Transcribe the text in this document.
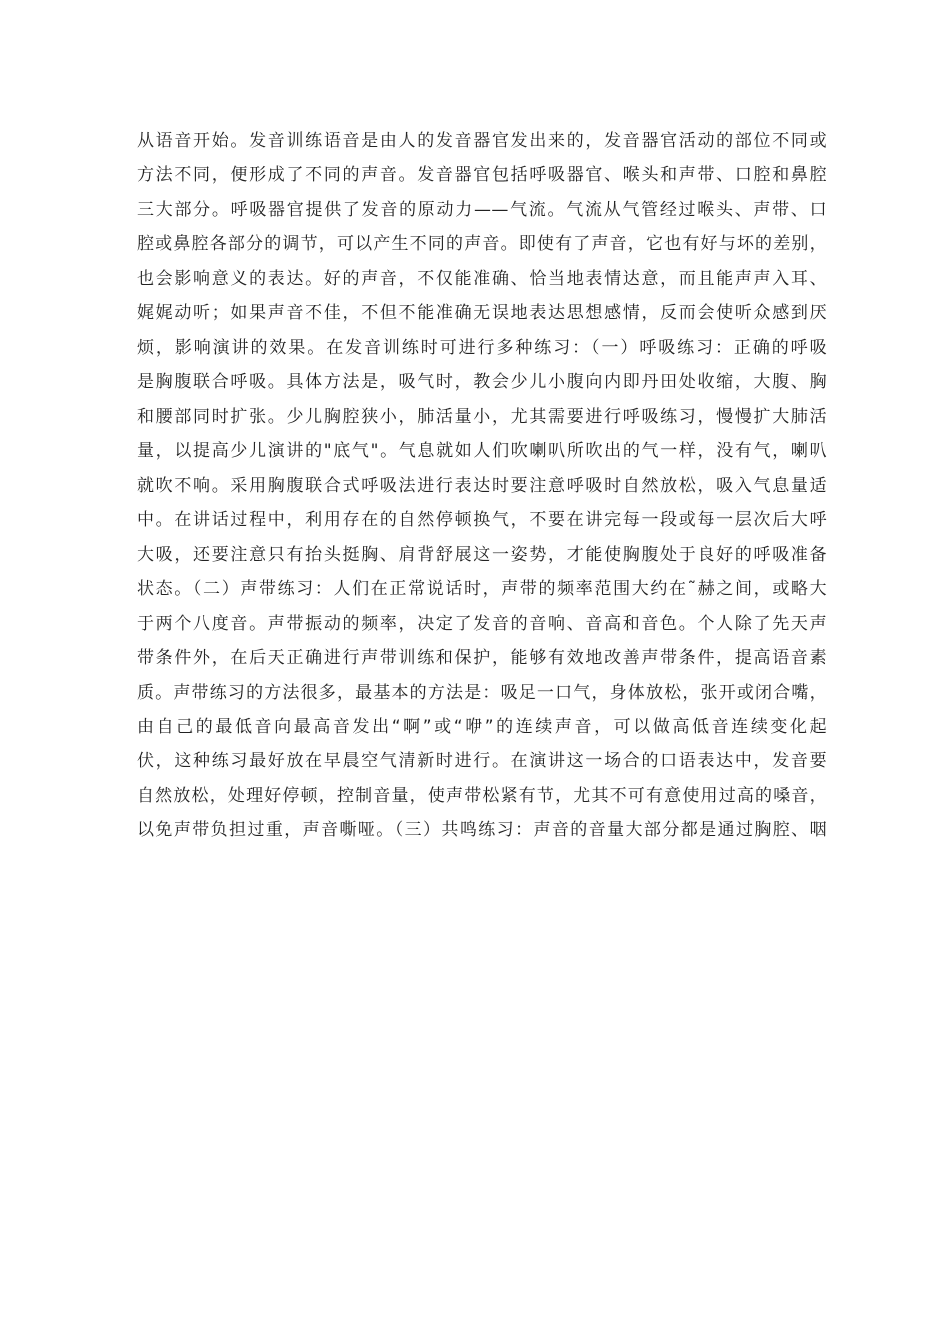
从语音开始。发音训练语音是由人的发音器官发出来的，发音器官活动的部位不同或
方法不同，便形成了不同的声音。发音器官包括呼吸器官、喉头和声带、口腔和鼻腔
三大部分。呼吸器官提供了发音的原动力——气流。气流从气管经过喉头、声带、口
腔或鼻腔各部分的调节，可以产生不同的声音。即使有了声音，它也有好与坏的差别，
也会影响意义的表达。好的声音，不仅能准确、恰当地表情达意，而且能声声入耳、
娓娓动听；如果声音不佳，不但不能准确无误地表达思想感情，反而会使听众感到厌
烦，影响演讲的效果。在发音训练时可进行多种练习：（一）呼吸练习：正确的呼吸
是胸腹联合呼吸。具体方法是，吸气时，教会少儿小腹向内即丹田处收缩，大腹、胸
和腰部同时扩张。少儿胸腔狭小，肺活量小，尤其需要进行呼吸练习，慢慢扩大肺活
量，以提高少儿演讲的"底气"。气息就如人们吹喇叭所吹出的气一样，没有气，喇叭
就吹不响。采用胸腹联合式呼吸法进行表达时要注意呼吸时自然放松，吸入气息量适
中。在讲话过程中，利用存在的自然停顿换气，不要在讲完每一段或每一层次后大呼
大吸，还要注意只有抬头挺胸、肩背舒展这一姿势，才能使胸腹处于良好的呼吸准备
状态。（二）声带练习：人们在正常说话时，声带的频率范围大约在˜赫之间，或略大
于两个八度音。声带振动的频率，决定了发音的音响、音高和音色。个人除了先天声
带条件外，在后天正确进行声带训练和保护，能够有效地改善声带条件，提高语音素
质。声带练习的方法很多，最基本的方法是：吸足一口气，身体放松，张开或闭合嘴，
由自己的最低音向最高音发出“啊”或“咿”的连续声音，可以做高低音连续变化起
伏，这种练习最好放在早晨空气清新时进行。在演讲这一场合的口语表达中，发音要
自然放松，处理好停顿，控制音量，使声带松紧有节，尤其不可有意使用过高的嗓音，
以免声带负担过重，声音嘶哑。（三）共鸣练习：声音的音量大部分都是通过胸腔、咽
